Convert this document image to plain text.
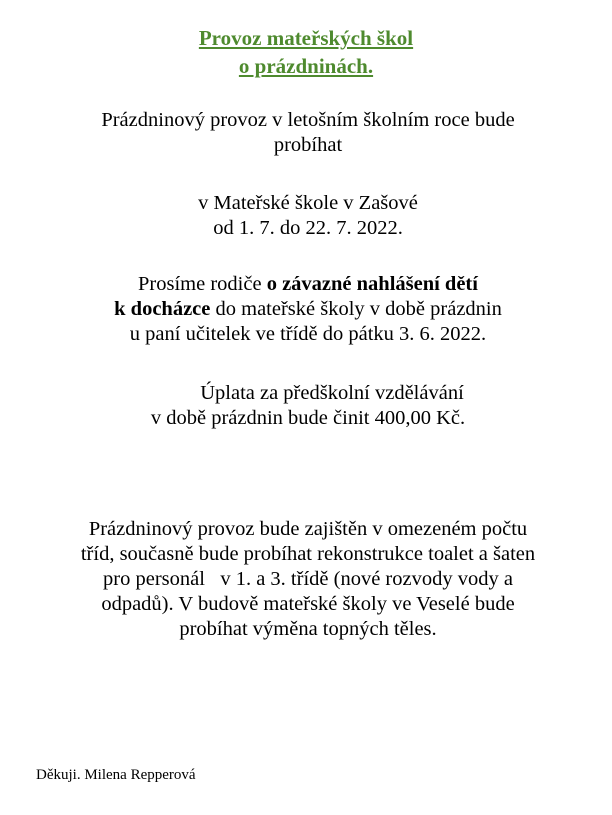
Provoz mateřských škol
o prázdninách.
Prázdninový provoz v letošním školním roce bude
probíhat
v Mateřské škole v Zašové
od 1. 7. do 22. 7. 2022.
Prosíme rodiče o závazné nahlášení dětí
k docházce do mateřské školy v době prázdnin
u paní učitelek ve třídě do pátku 3. 6. 2022.
Úplata za předškolní vzdělávání
v době prázdnin bude činit 400,00 Kč.
Prázdninový provoz bude zajištěn v omezeném počtu
tříd, současně bude probíhat rekonstrukce toalet a šaten
pro personál   v 1. a 3. třídě (nové rozvody vody a
odpadů). V budově mateřské školy ve Veselé bude
probíhat výměna topných těles.
Děkuji. Milena Repperová
